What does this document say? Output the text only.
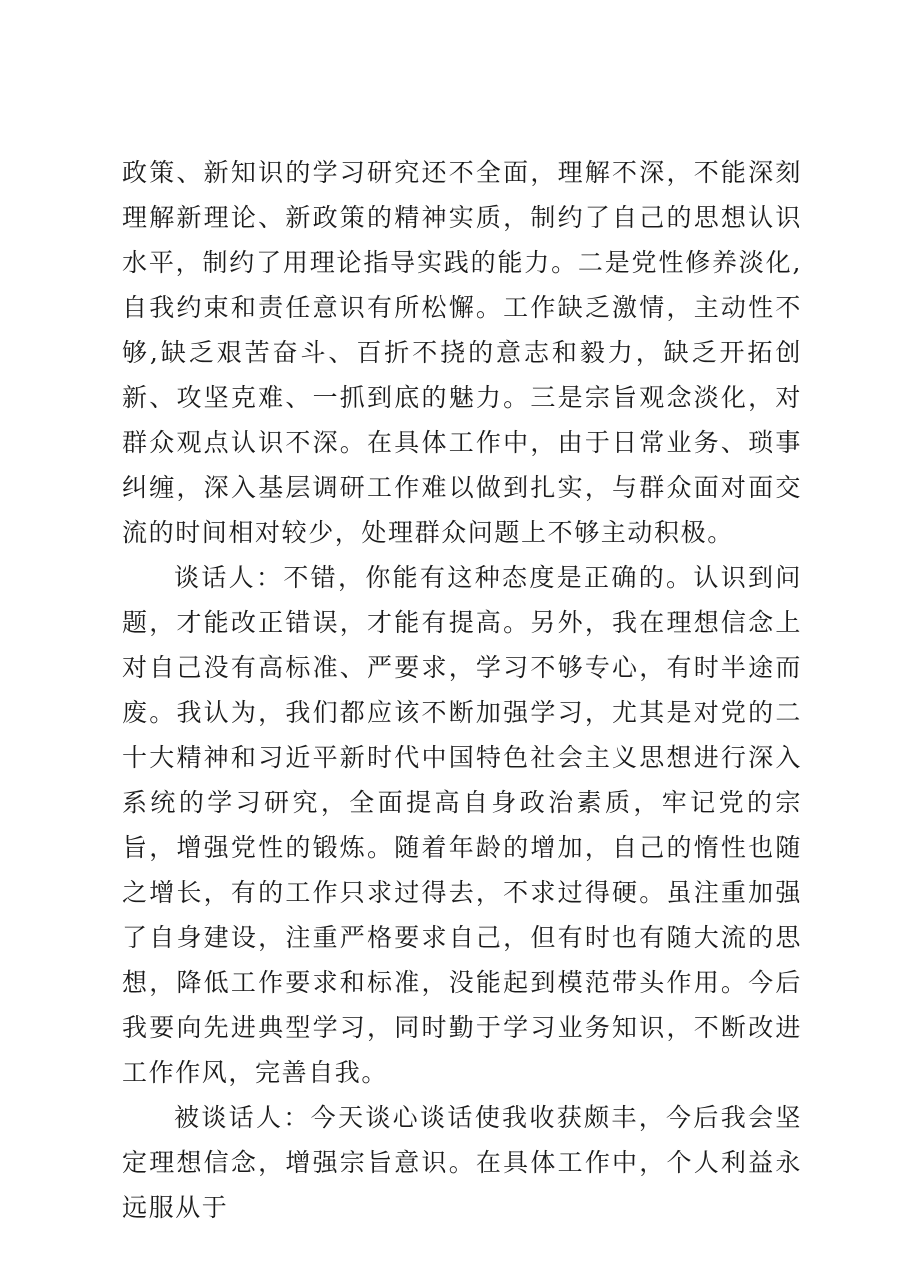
政策、新知识的学习研究还不全面，理解不深，不能深刻理解新理论、新政策的精神实质，制约了自己的思想认识水平，制约了用理论指导实践的能力。二是党性修养淡化,自我约束和责任意识有所松懈。工作缺乏激情，主动性不够,缺乏艰苦奋斗、百折不挠的意志和毅力，缺乏开拓创新、攻坚克难、一抓到底的魅力。三是宗旨观念淡化，对群众观点认识不深。在具体工作中，由于日常业务、琐事纠缠，深入基层调研工作难以做到扎实，与群众面对面交流的时间相对较少，处理群众问题上不够主动积极。

谈话人：不错，你能有这种态度是正确的。认识到问题，才能改正错误，才能有提高。另外，我在理想信念上对自己没有高标准、严要求，学习不够专心，有时半途而废。我认为，我们都应该不断加强学习，尤其是对党的二十大精神和习近平新时代中国特色社会主义思想进行深入系统的学习研究，全面提高自身政治素质，牢记党的宗旨，增强党性的锻炼。随着年龄的增加，自己的惰性也随之增长，有的工作只求过得去，不求过得硬。虽注重加强了自身建设，注重严格要求自己，但有时也有随大流的思想，降低工作要求和标准，没能起到模范带头作用。今后我要向先进典型学习，同时勤于学习业务知识，不断改进工作作风，完善自我。

被谈话人：今天谈心谈话使我收获颇丰，今后我会坚定理想信念，增强宗旨意识。在具体工作中，个人利益永远服从于
